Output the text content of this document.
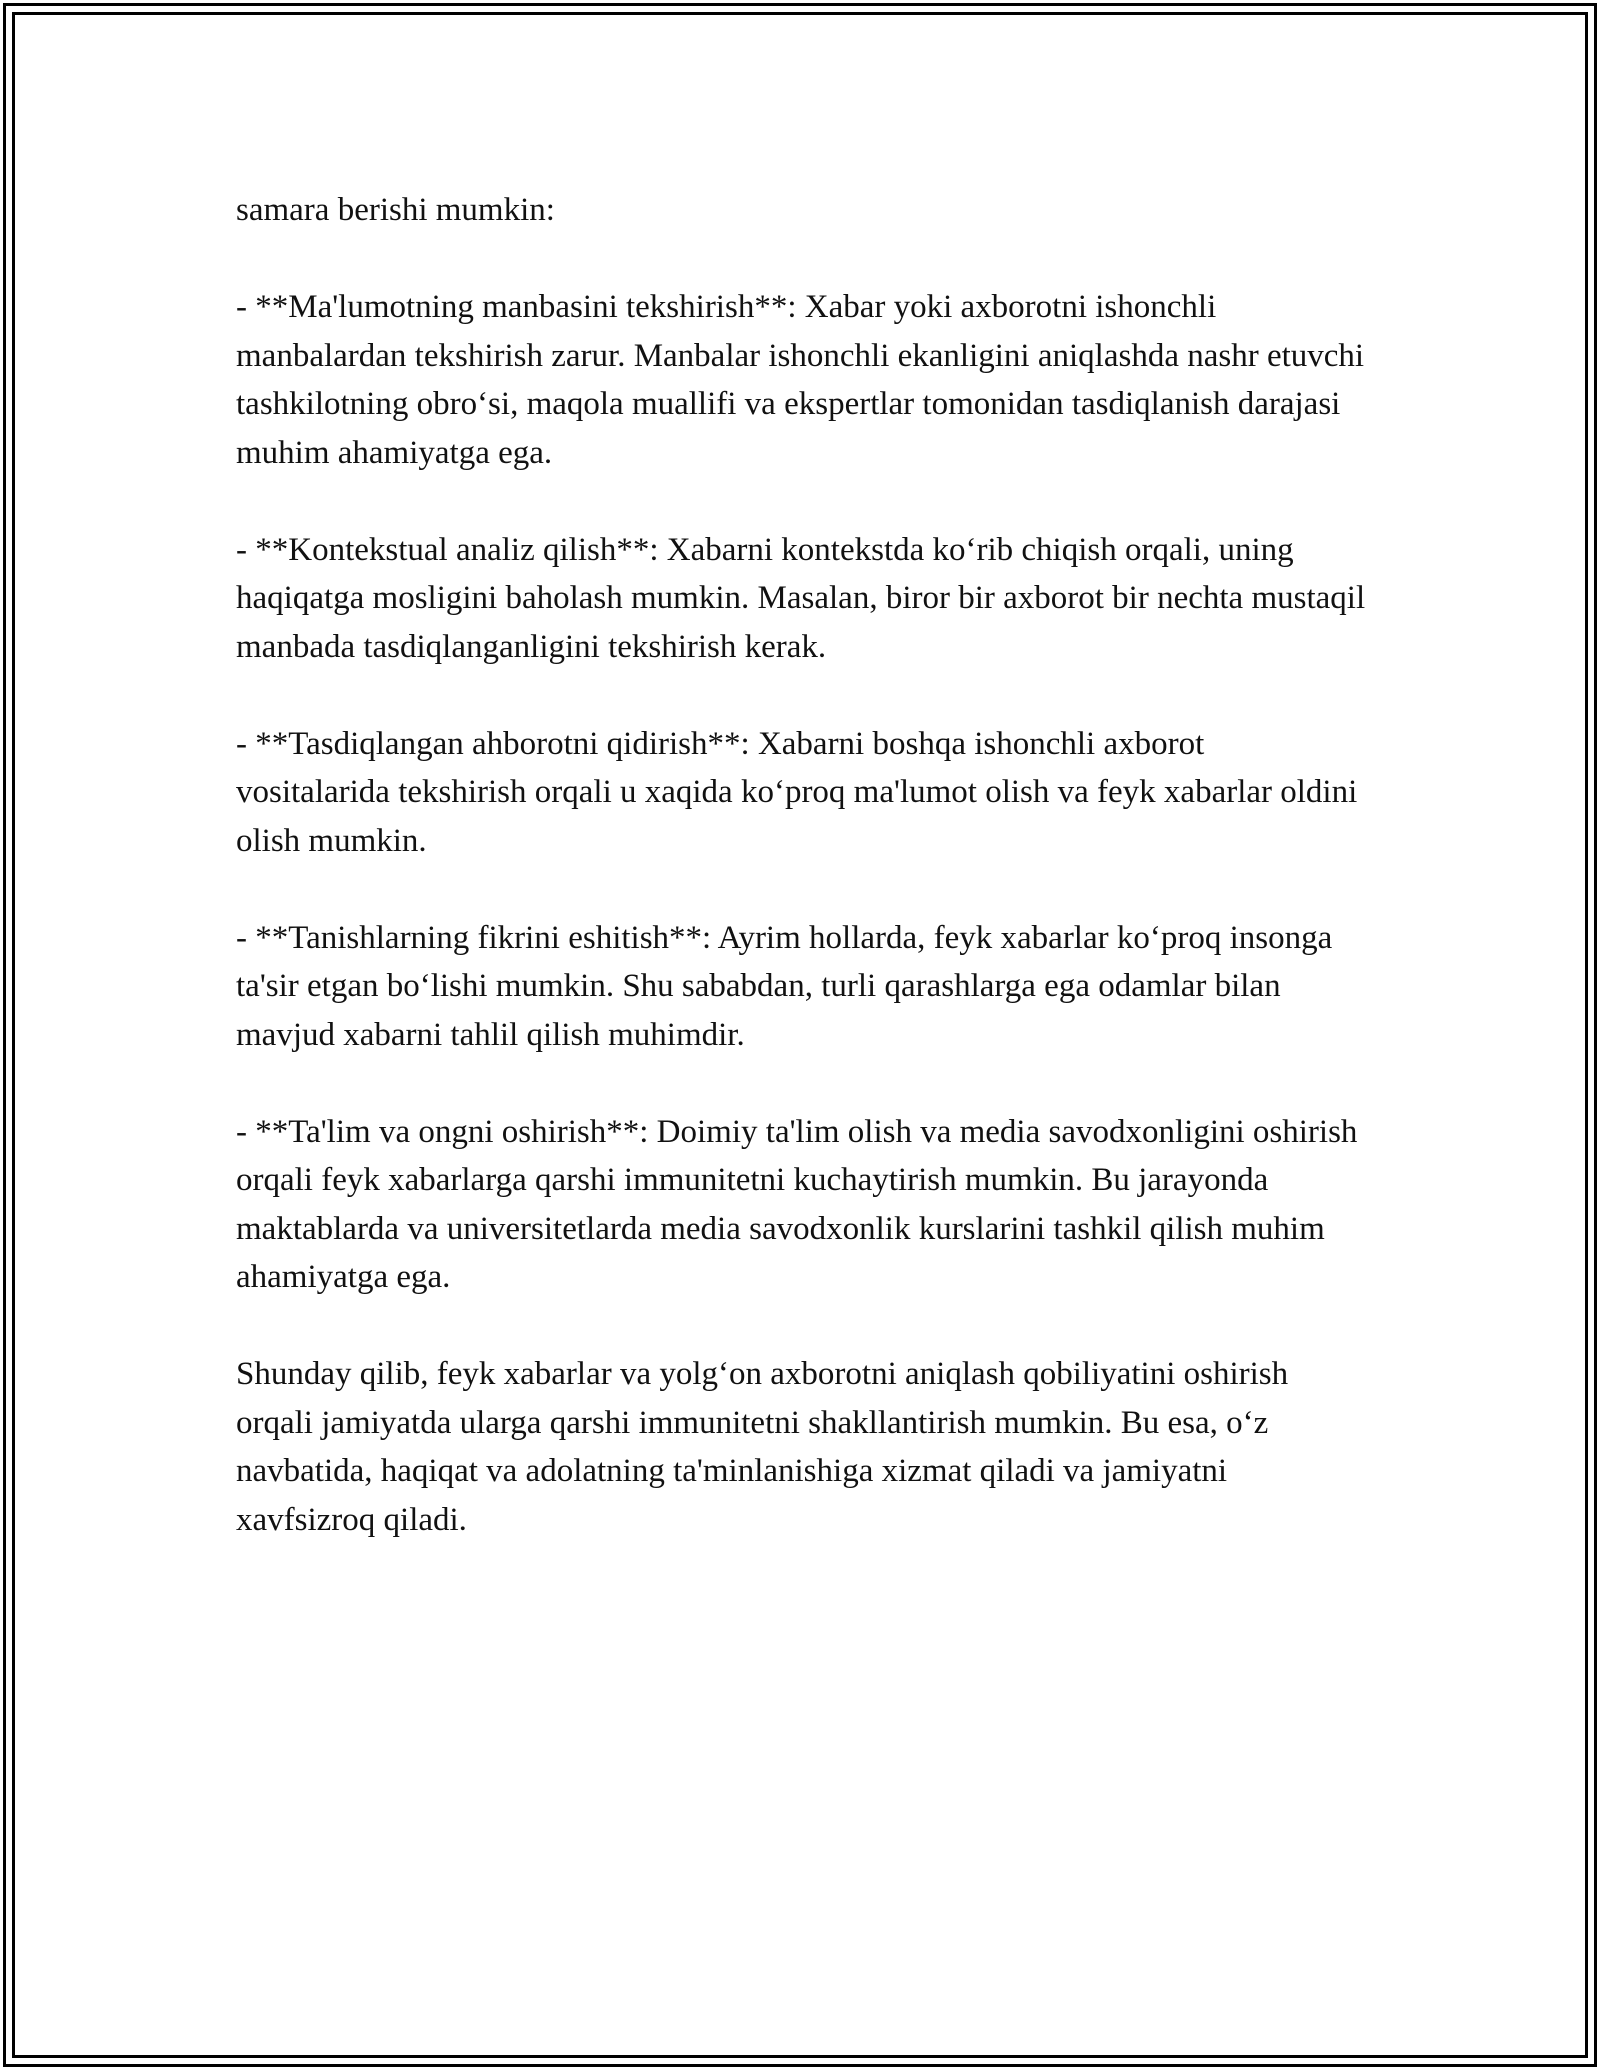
samara berishi mumkin:

- **Ma'lumotning manbasini tekshirish**: Xabar yoki axborotni ishonchli manbalardan tekshirish zarur. Manbalar ishonchli ekanligini aniqlashda nashr etuvchi tashkilotning obro‘si, maqola muallifi va ekspertlar tomonidan tasdiqlanish darajasi muhim ahamiyatga ega.

- **Kontekstual analiz qilish**: Xabarni kontekstda ko‘rib chiqish orqali, uning haqiqatga mosligini baholash mumkin. Masalan, biror bir axborot bir nechta mustaqil manbada tasdiqlanganligini tekshirish kerak.

- **Tasdiqlangan ahborotni qidirish**: Xabarni boshqa ishonchli axborot vositalarida tekshirish orqali u xaqida ko‘proq ma'lumot olish va feyk xabarlar oldini olish mumkin.

- **Tanishlarning fikrini eshitish**: Ayrim hollarda, feyk xabarlar ko‘proq insonga ta'sir etgan bo‘lishi mumkin. Shu sababdan, turli qarashlarga ega odamlar bilan mavjud xabarni tahlil qilish muhimdir.

- **Ta'lim va ongni oshirish**: Doimiy ta'lim olish va media savodxonligini oshirish orqali feyk xabarlarga qarshi immunitetni kuchaytirish mumkin. Bu jarayonda maktablarda va universitetlarda media savodxonlik kurslarini tashkil qilish muhim ahamiyatga ega.

Shunday qilib, feyk xabarlar va yolg‘on axborotni aniqlash qobiliyatini oshirish orqali jamiyatda ularga qarshi immunitetni shakllantirish mumkin. Bu esa, o‘z navbatida, haqiqat va adolatning ta'minlanishiga xizmat qiladi va jamiyatni xavfsizroq qiladi.
